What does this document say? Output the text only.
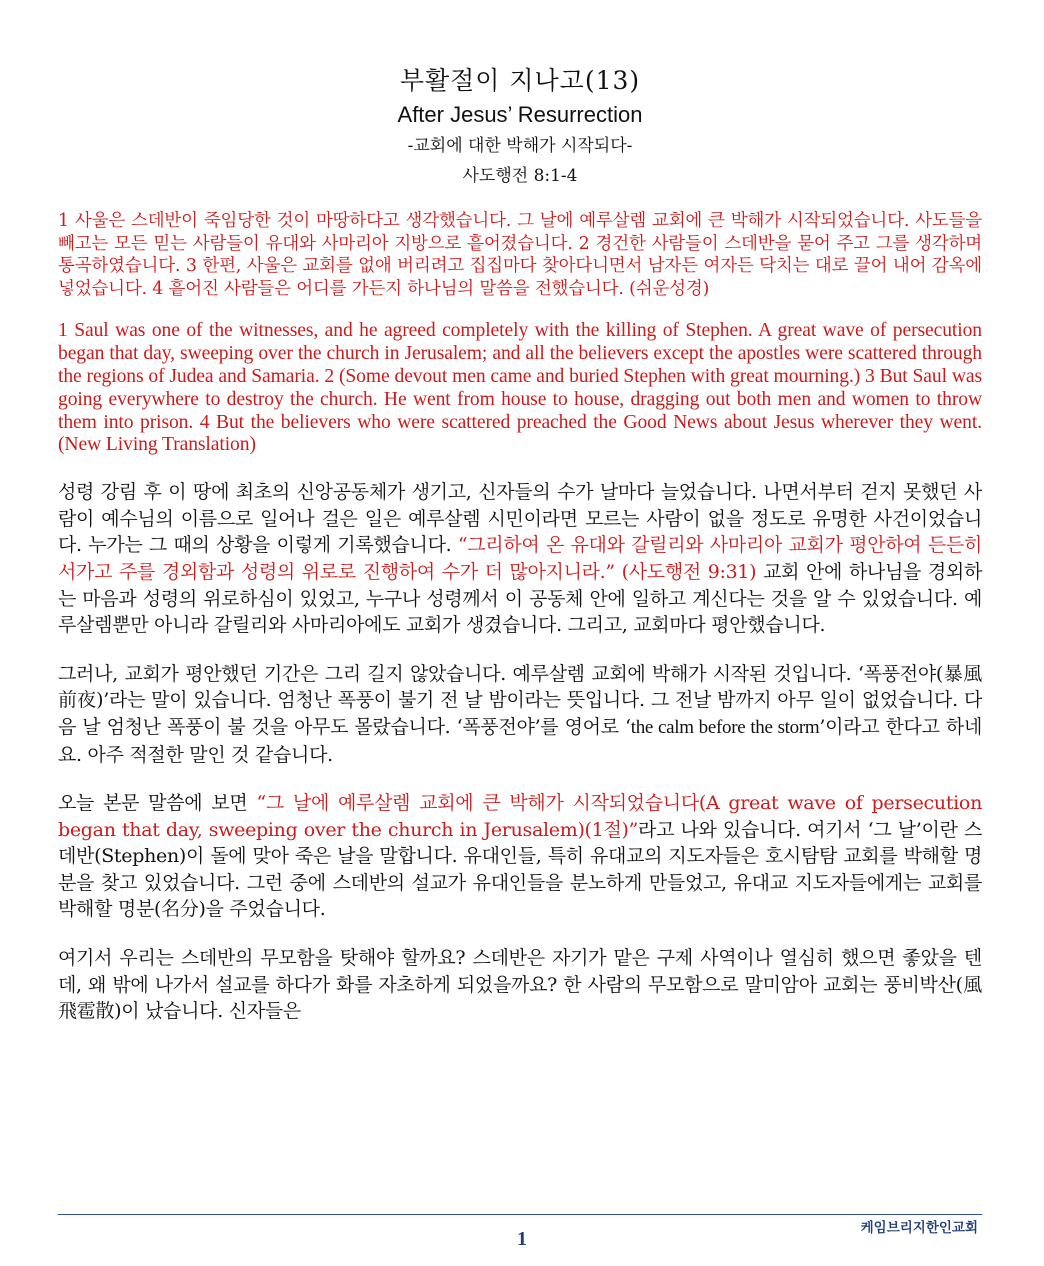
부활절이 지나고(13)
After Jesus’ Resurrection
-교회에 대한 박해가 시작되다-
사도행전 8:1-4
1 사울은 스데반이 죽임당한 것이 마땅하다고 생각했습니다. 그 날에 예루살렘 교회에 큰 박해가 시작되었습니다. 사도들을 빼고는 모든 믿는 사람들이 유대와 사마리아 지방으로 흩어졌습니다. 2 경건한 사람들이 스데반을 묻어 주고 그를 생각하며 통곡하였습니다. 3 한편, 사울은 교회를 없애 버리려고 집집마다 찾아다니면서 남자든 여자든 닥치는 대로 끌어 내어 감옥에 넣었습니다. 4 흩어진 사람들은 어디를 가든지 하나님의 말씀을 전했습니다. (쉬운성경)
1 Saul was one of the witnesses, and he agreed completely with the killing of Stephen. A great wave of persecution began that day, sweeping over the church in Jerusalem; and all the believers except the apostles were scattered through the regions of Judea and Samaria. 2 (Some devout men came and buried Stephen with great mourning.) 3 But Saul was going everywhere to destroy the church. He went from house to house, dragging out both men and women to throw them into prison. 4 But the believers who were scattered preached the Good News about Jesus wherever they went. (New Living Translation)
성령 강림 후 이 땅에 최초의 신앙공동체가 생기고, 신자들의 수가 날마다 늘었습니다. 나면서부터 걷지 못했던 사람이 예수님의 이름으로 일어나 걸은 일은 예루살렘 시민이라면 모르는 사람이 없을 정도로 유명한 사건이었습니다. 누가는 그 때의 상황을 이렇게 기록했습니다. “그리하여 온 유대와 갈릴리와 사마리아 교회가 평안하여 든든히 서가고 주를 경외함과 성령의 위로로 진행하여 수가 더 많아지니라.” (사도행전 9:31) 교회 안에 하나님을 경외하는 마음과 성령의 위로하심이 있었고, 누구나 성령께서 이 공동체 안에 일하고 계신다는 것을 알 수 있었습니다. 예루살렘뿐만 아니라 갈릴리와 사마리아에도 교회가 생겼습니다. 그리고, 교회마다 평안했습니다.
그러나, 교회가 평안했던 기간은 그리 길지 않았습니다. 예루살렘 교회에 박해가 시작된 것입니다. ‘폭풍전야(暴風前夜)’라는 말이 있습니다. 엄청난 폭풍이 불기 전 날 밤이라는 뜻입니다. 그 전날 밤까지 아무 일이 없었습니다. 다음 날 엄청난 폭풍이 불 것을 아무도 몰랐습니다. ‘폭풍전야’를 영어로 ‘the calm before the storm’이라고 한다고 하네요. 아주 적절한 말인 것 같습니다.
오늘 본문 말씀에 보면 “그 날에 예루살렘 교회에 큰 박해가 시작되었습니다(A great wave of persecution began that day, sweeping over the church in Jerusalem)(1절)”라고 나와 있습니다. 여기서 ‘그 날’이란 스데반(Stephen)이 돌에 맞아 죽은 날을 말합니다. 유대인들, 특히 유대교의 지도자들은 호시탐탐 교회를 박해할 명분을 찾고 있었습니다. 그런 중에 스데반의 설교가 유대인들을 분노하게 만들었고, 유대교 지도자들에게는 교회를 박해할 명분(名分)을 주었습니다.
여기서 우리는 스데반의 무모함을 탓해야 할까요? 스데반은 자기가 맡은 구제 사역이나 열심히 했으면 좋았을 텐데, 왜 밖에 나가서 설교를 하다가 화를 자초하게 되었을까요? 한 사람의 무모함으로 말미암아 교회는 풍비박산(風飛雹散)이 났습니다. 신자들은
케임브리지한인교회
1
